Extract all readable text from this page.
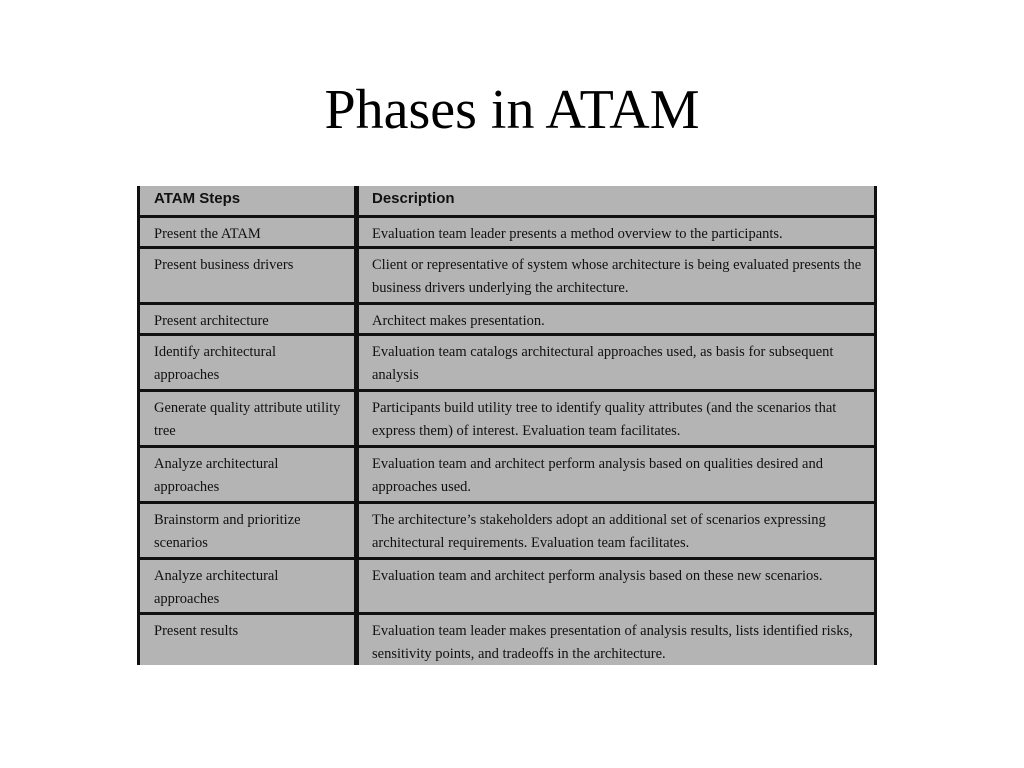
Phases in ATAM
ATAM Steps	Description
Present the ATAM	Evaluation team leader presents a method overview to the participants.
Present business drivers	Client or representative of system whose architecture is being evaluated presents the business drivers underlying the architecture.
Present architecture	Architect makes presentation.
Identify architectural approaches	Evaluation team catalogs architectural approaches used, as basis for subsequent analysis
Generate quality attribute utility tree	Participants build utility tree to identify quality attributes (and the scenarios that express them) of interest. Evaluation team facilitates.
Analyze architectural approaches	Evaluation team and architect perform analysis based on qualities desired and approaches used.
Brainstorm and prioritize scenarios	The architecture’s stakeholders adopt an additional set of scenarios expressing architectural requirements. Evaluation team facilitates.
Analyze architectural approaches	Evaluation team and architect perform analysis based on these new scenarios.
Present results	Evaluation team leader makes presentation of analysis results, lists identified risks, sensitivity points, and tradeoffs in the architecture.
